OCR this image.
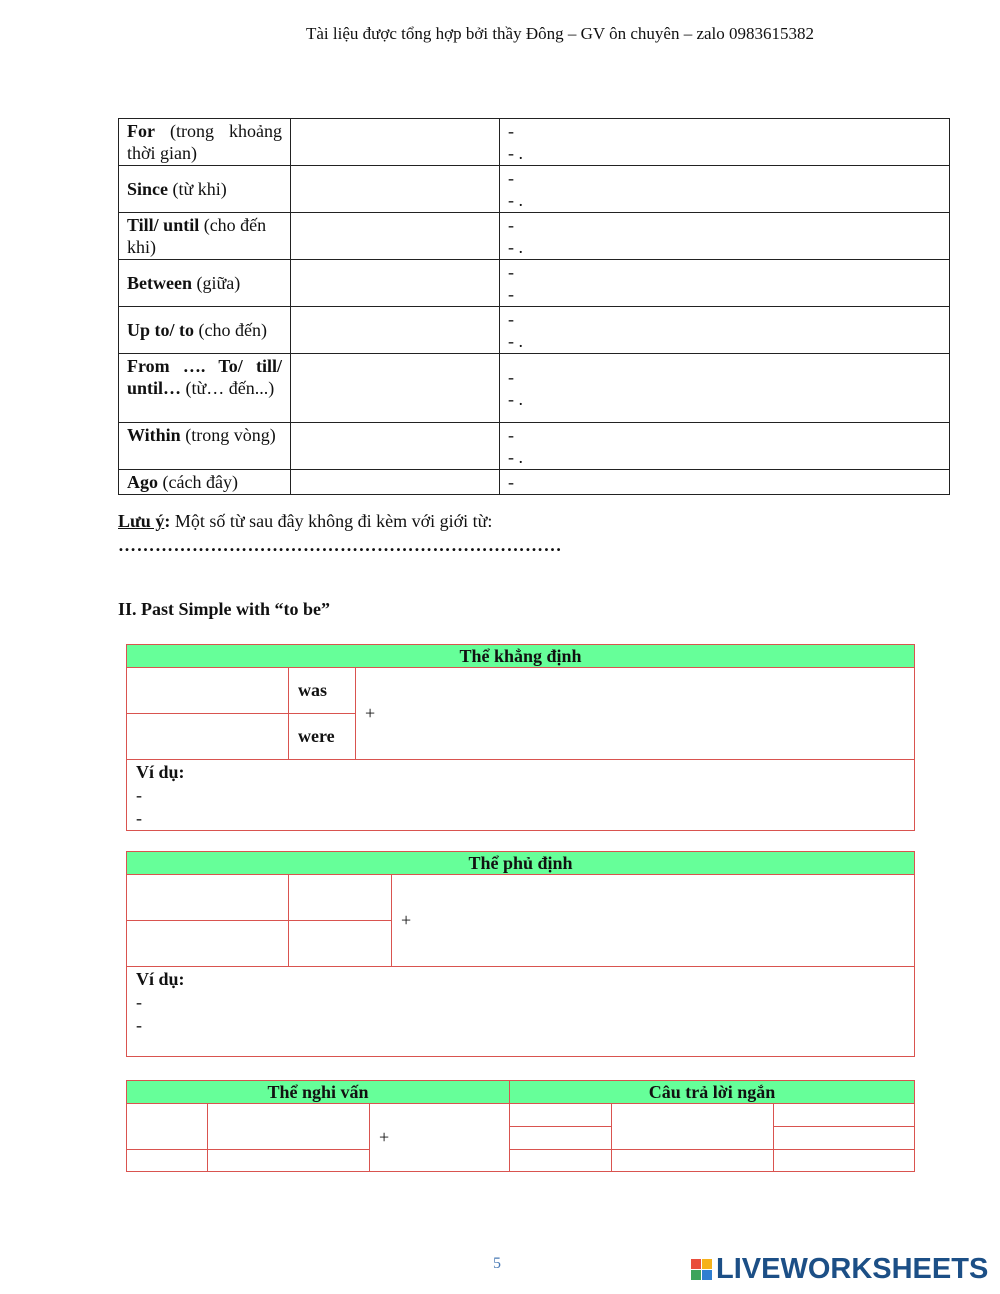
Tài liệu được tổng hợp bởi thầy Đông – GV ôn chuyên – zalo 0983615382
For (trong khoảng thời gian)		-
- .

Since (từ khi)		-
- .

Till/ until (cho đến khi)		-
- .

Between (giữa)		-
-

Up to/ to (cho đến)		-
- .

From …. To/ till/ until… (từ… đến...)		-
- .

Within (trong vòng)		-
- .

Ago (cách đây)		-
Lưu ý: Một số từ sau đây không đi kèm với giới từ: ………………………………………………………………
II. Past Simple with “to be”
Thể khẳng định		
	was	+
	were	

Ví dụ:
-
-		
Thể phủ định		
		+

Ví dụ:
-
-		
Thể nghi vấn			Câu trả lời ngắn		
		+			

5	LIVEWORKSHEETS
